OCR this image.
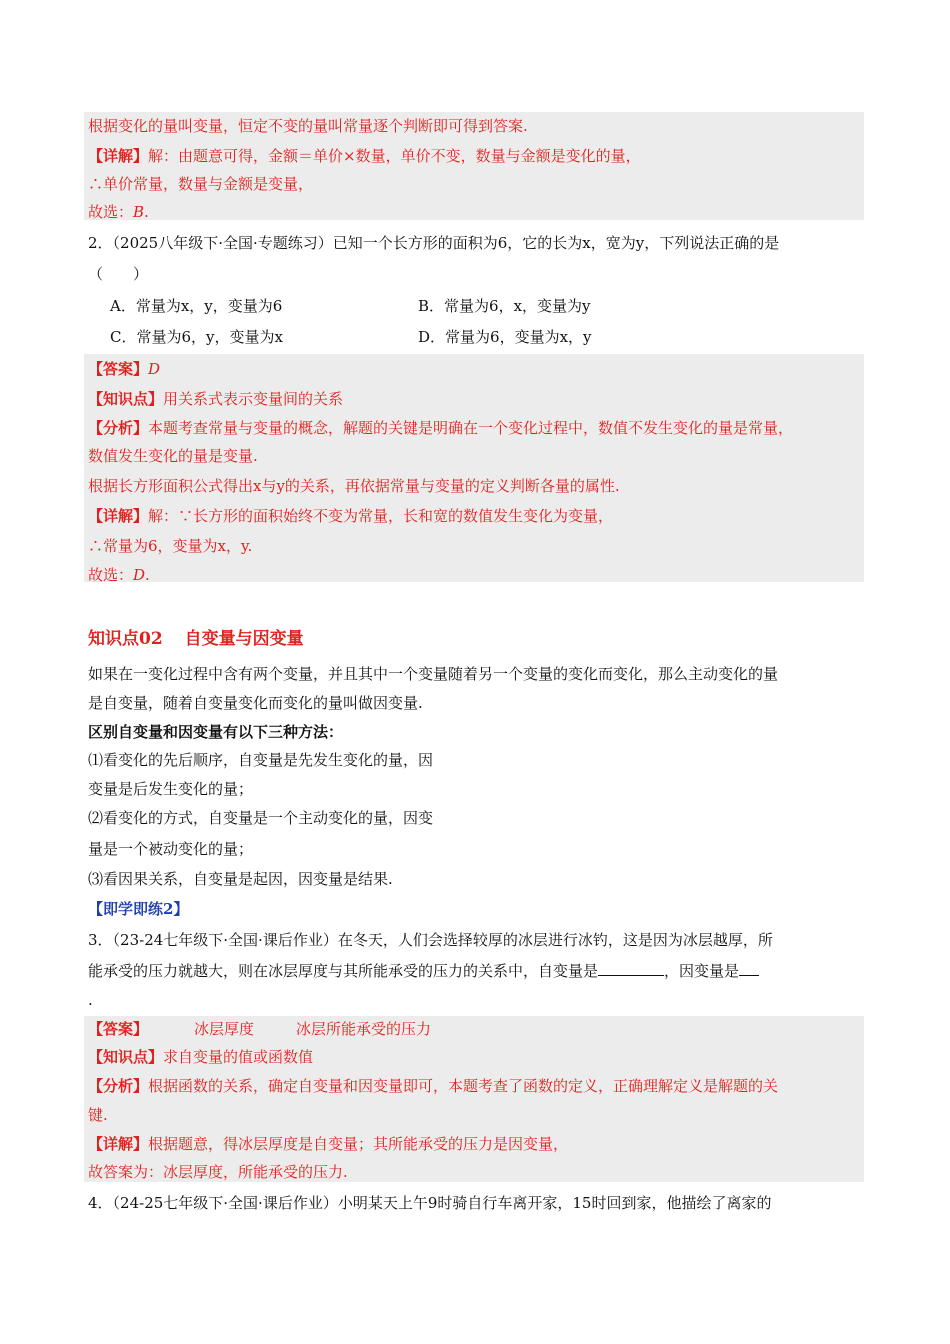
根据变化的量叫变量，恒定不变的量叫常量逐个判断即可得到答案.
【详解】解：由题意可得，金额＝单价×数量，单价不变，数量与金额是变化的量，
∴单价常量，数量与金额是变量，
故选：B.
2．（2025八年级下·全国·专题练习）已知一个长方形的面积为6，它的长为x，宽为y，下列说法正确的是
（　　）
A．常量为x，y，变量为6	B．常量为6，x，变量为y
C．常量为6，y，变量为x	D．常量为6，变量为x，y
【答案】D
【知识点】用关系式表示变量间的关系
【分析】本题考查常量与变量的概念，解题的关键是明确在一个变化过程中，数值不发生变化的量是常量，
数值发生变化的量是变量.
根据长方形面积公式得出x与y的关系，再依据常量与变量的定义判断各量的属性.
【详解】解：∵长方形的面积始终不变为常量，长和宽的数值发生变化为变量，
∴常量为6，变量为x，y.
故选：D.
知识点02 自变量与因变量
如果在一变化过程中含有两个变量，并且其中一个变量随着另一个变量的变化而变化，那么主动变化的量
是自变量，随着自变量变化而变化的量叫做因变量.
区别自变量和因变量有以下三种方法：
⑴看变化的先后顺序，自变量是先发生变化的量，因
变量是后发生变化的量；
⑵看变化的方式，自变量是一个主动变化的量，因变
量是一个被动变化的量；
⑶看因果关系，自变量是起因，因变量是结果.
【即学即练2】
3．（23-24七年级下·全国·课后作业）在冬天，人们会选择较厚的冰层进行冰钓，这是因为冰层越厚，所
能承受的压力就越大，则在冰层厚度与其所能承受的压力的关系中，自变量是	，因变量是
.
【答案】	冰层厚度	冰层所能承受的压力
【知识点】求自变量的值或函数值
【分析】根据函数的关系，确定自变量和因变量即可，本题考查了函数的定义，正确理解定义是解题的关
键.
【详解】根据题意，得冰层厚度是自变量；其所能承受的压力是因变量，
故答案为：冰层厚度，所能承受的压力.
4．（24-25七年级下·全国·课后作业）小明某天上午9时骑自行车离开家，15时回到家，他描绘了离家的
